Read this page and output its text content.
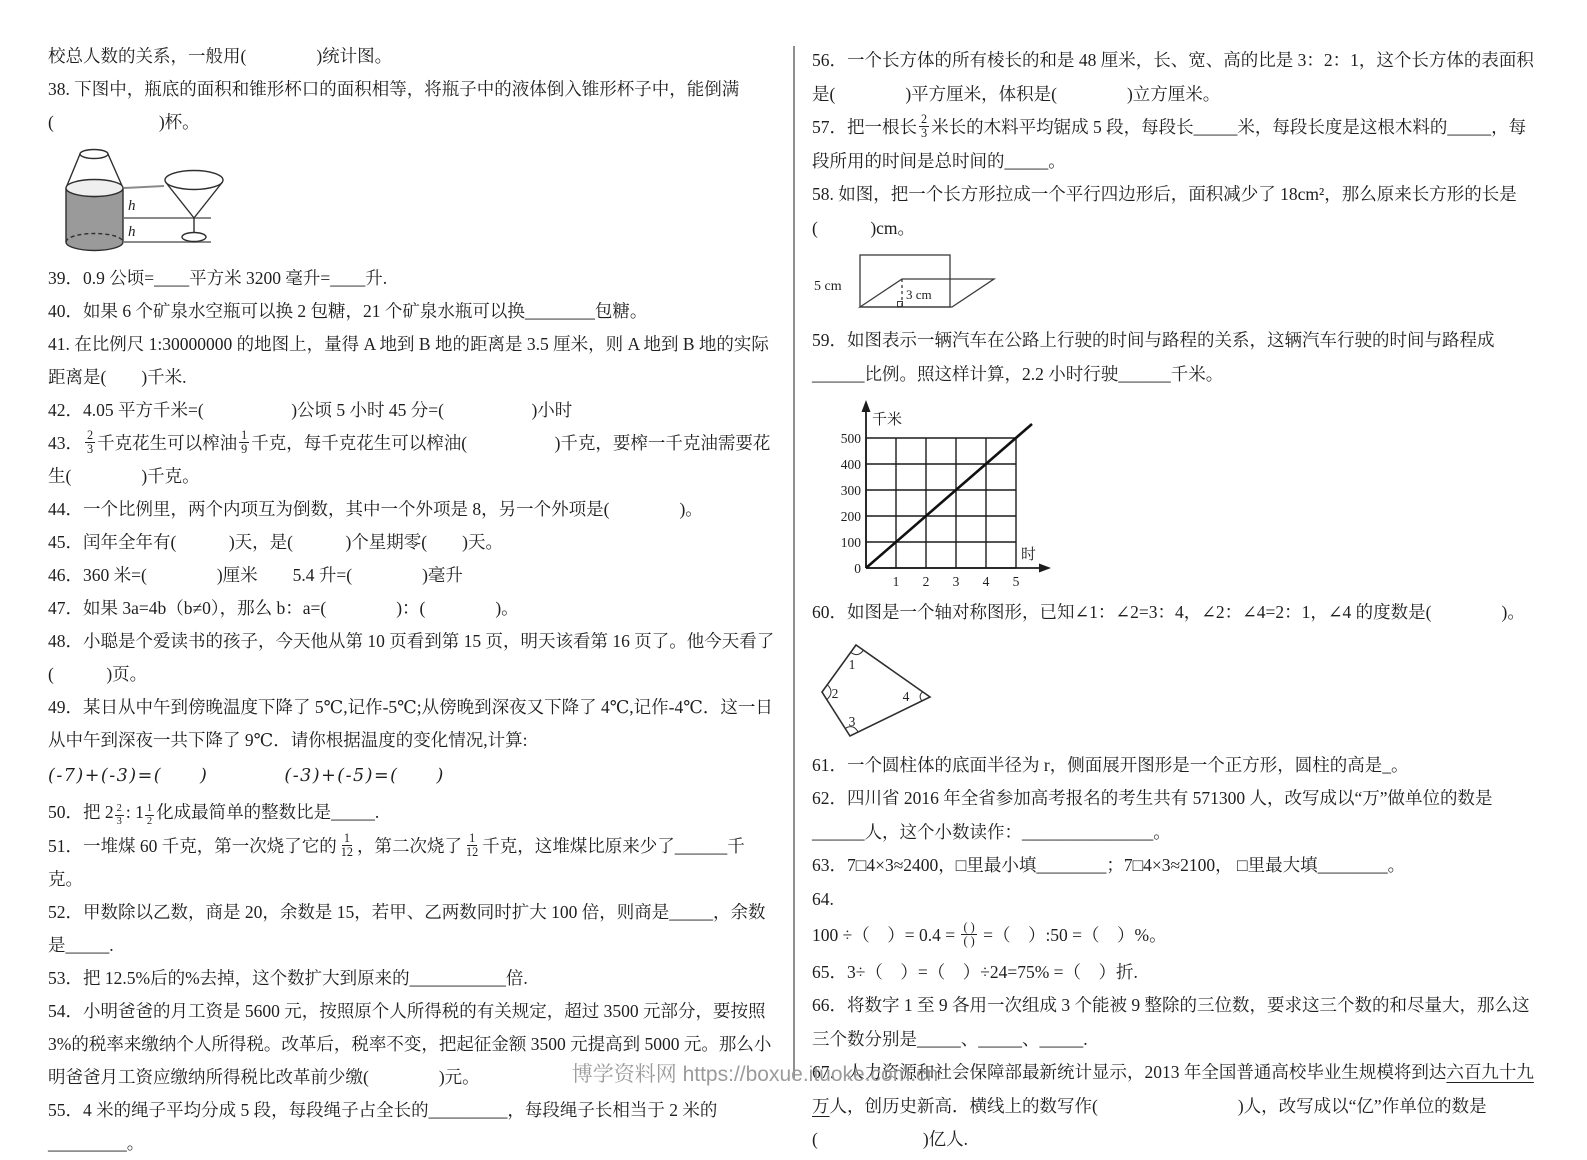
校总人数的关系，一般用(　　　　)统计图。

38. 下图中，瓶底的面积和锥形杯口的面积相等，将瓶子中的液体倒入锥形杯子中，能倒满(　　　　　　)杯。

h
h

39．0.9 公顷=____平方米 3200 毫升=____升.

40．如果 6 个矿泉水空瓶可以换 2 包糖，21 个矿泉水瓶可以换________包糖。

41. 在比例尺 1:30000000 的地图上，量得 A 地到 B 地的距离是 3.5 厘米，则 A 地到 B 地的实际距离是(　　)千米.

42．4.05 平方千米=(　　　　　)公顷 5 小时 45 分=(　　　　　)小时

43． $\frac{2}{3}$ 千克花生可以榨油 $\frac{1}{9}$ 千克，每千克花生可以榨油(　　　　　)千克，要榨一千克油需要花生(　　　　)千克。

44．一个比例里，两个内项互为倒数，其中一个外项是 8，另一个外项是(　　　　)。

45．闰年全年有(　　　)天，是(　　　)个星期零(　　)天。

46．360 米=(　　　　)厘米　　5.4 升=(　　　　)毫升

47．如果 3a=4b（b≠0），那么 b：a=(　　　　)：(　　　　)。

48．小聪是个爱读书的孩子，今天他从第 10 页看到第 15 页，明天该看第 16 页了。他今天看了(　　　)页。

49．某日从中午到傍晚温度下降了 5℃,记作-5℃;从傍晚到深夜又下降了 4℃,记作-4℃．这一日从中午到深夜一共下降了 9℃．请你根据温度的变化情况,计算:

(-7)+(-3)=(　　)　　　　(-3)+(-5)=(　　)

50．把 $2 \frac{2}{3}$ : $1 \frac{1}{2}$ 化成最简单的整数比是_____.

51．一堆煤 60 千克，第一次烧了它的 $\frac{1}{12}$ ，第二次烧了 $\frac{1}{12}$ 千克，这堆煤比原来少了______千克。

52．甲数除以乙数，商是 20，余数是 15，若甲、乙两数同时扩大 100 倍，则商是_____，余数是_____.

53．把 12.5%后的%去掉，这个数扩大到原来的___________倍.

54．小明爸爸的月工资是 5600 元，按照原个人所得税的有关规定，超过 3500 元部分，要按照 3%的税率来缴纳个人所得税。改革后，税率不变，把起征金额 3500 元提高到 5000 元。那么小明爸爸月工资应缴纳所得税比改革前少缴(　　　　)元。

55．4 米的绳子平均分成 5 段，每段绳子占全长的_________，每段绳子长相当于 2 米的_________。

56．一个长方体的所有棱长的和是 48 厘米，长、宽、高的比是 3：2：1，这个长方体的表面积是(　　　　)平方厘米，体积是(　　　　)立方厘米。

57．把一根长 $\frac{2}{3}$ 米长的木料平均锯成 5 段，每段长_____米，每段长度是这根木料的_____，每段所用的时间是总时间的_____。

58. 如图，把一个长方形拉成一个平行四边形后，面积减少了 18cm²，那么原来长方形的长是(　　　)cm。

5 cm
3 cm

59．如图表示一辆汽车在公路上行驶的时间与路程的关系，这辆汽车行驶的时间与路程成______比例。照这样计算，2.2 小时行驶______千米。

千米
时
500
400
300
200
100
0
1 2 3 4 5

60．如图是一个轴对称图形，已知∠1：∠2=3：4，∠2：∠4=2：1，∠4 的度数是(　　　　)。

1
2
3
4

61．一个圆柱体的底面半径为 r，侧面展开图形是一个正方形，圆柱的高是_。

62．四川省 2016 年全省参加高考报名的考生共有 571300 人，改写成以“万”做单位的数是______人，这个小数读作：_______________。

63．7□4×3≈2400，□里最小填________；7□4×3≈2100， □里最大填________。

64.

100 ÷（　）= $0.4 = \frac{( )}{( )}$ =（　）:50 =（　）%。

65．3÷（　）=（　）÷24=75% =（　）折.

66．将数字 1 至 9 各用一次组成 3 个能被 9 整除的三位数，要求这三个数的和尽量大，那么这三个数分别是_____、_____、_____.

67．人力资源和社会保障部最新统计显示，2013 年全国普通高校毕业生规模将到达六百九十九万人，创历史新高．横线上的数写作(　　　　　　　　)人，改写成以“亿”作单位的数是(　　　　　　)亿人.

博学资料网 https://boxue.ituoke.com.cn
